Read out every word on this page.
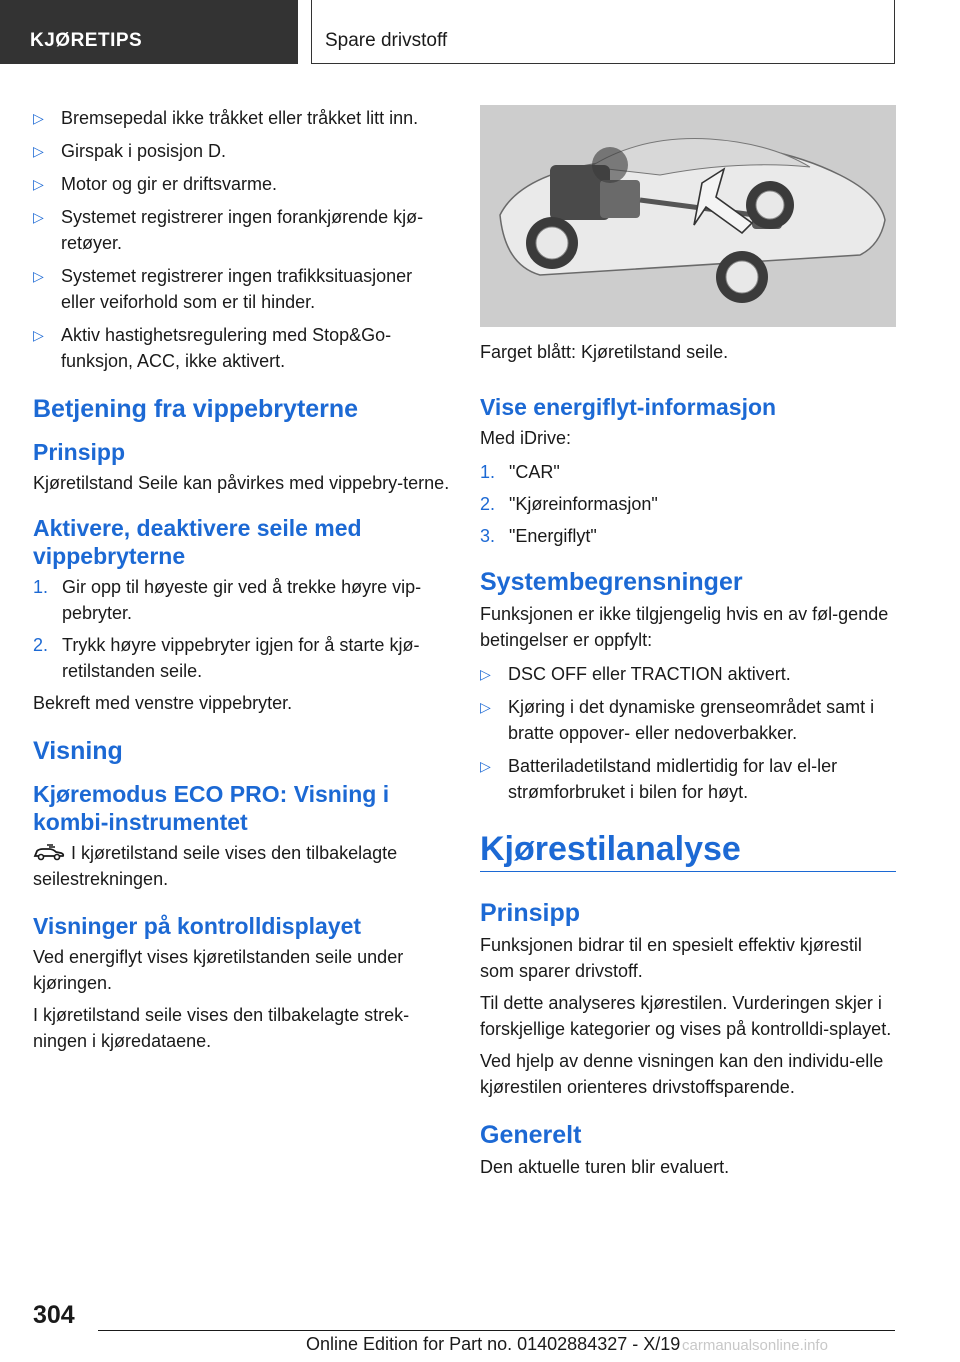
KJØRETIPS	Spare drivstoff
▷ Bremsepedal ikke tråkket eller tråkket litt inn.
▷ Girspak i posisjon D.
▷ Motor og gir er driftsvarme.
▷ Systemet registrerer ingen forankjørende kjø‐retøyer.
▷ Systemet registrerer ingen trafikksituasjoner eller veiforhold som er til hinder.
▷ Aktiv hastighetsregulering med Stop&Go-funksjon, ACC, ikke aktivert.
Betjening fra vippebryterne
Prinsipp

Kjøretilstand Seile kan påvirkes med vippebry‐terne.

Aktivere, deaktivere seile med vippebryterne
1. Gir opp til høyeste gir ved å trekke høyre vip‐pebryter.
2. Trykk høyre vippebryter igjen for å starte kjø‐retilstanden seile.

Bekreft med venstre vippebryter.

Visning
Kjøremodus ECO PRO: Visning i kombi-instrumentet

I kjøretilstand seile vises den tilbakelagte seilestrekningen.

Visninger på kontrolldisplayet

Ved energiflyt vises kjøretilstanden seile under kjøringen.

I kjøretilstand seile vises den tilbakelagte strek‐ningen i kjøredataene.

Farget blått: Kjøretilstand seile.

Vise energiflyt-informasjon

Med iDrive:

1. "CAR"
2. "Kjøreinformasjon"
3. "Energiflyt"
Systembegrensninger

Funksjonen er ikke tilgjengelig hvis en av føl‐gende betingelser er oppfylt:

▷ DSC OFF eller TRACTION aktivert.
▷ Kjøring i det dynamiske grenseområdet samt i bratte oppover- eller nedoverbakker.
▷ Batteriladetilstand midlertidig for lav el-ler strømforbruket i bilen for høyt.
Kjørestilanalyse
Prinsipp

Funksjonen bidrar til en spesielt effektiv kjørestil som sparer drivstoff.

Til dette analyseres kjørestilen. Vurderingen skjer i forskjellige kategorier og vises på kontrolldi‐splayet.

Ved hjelp av denne visningen kan den individu‐elle kjørestilen orienteres drivstoffsparende.

Generelt

Den aktuelle turen blir evaluert.

304
Online Edition for Part no. 01402884327 - X/19 carmanualsonline.info
